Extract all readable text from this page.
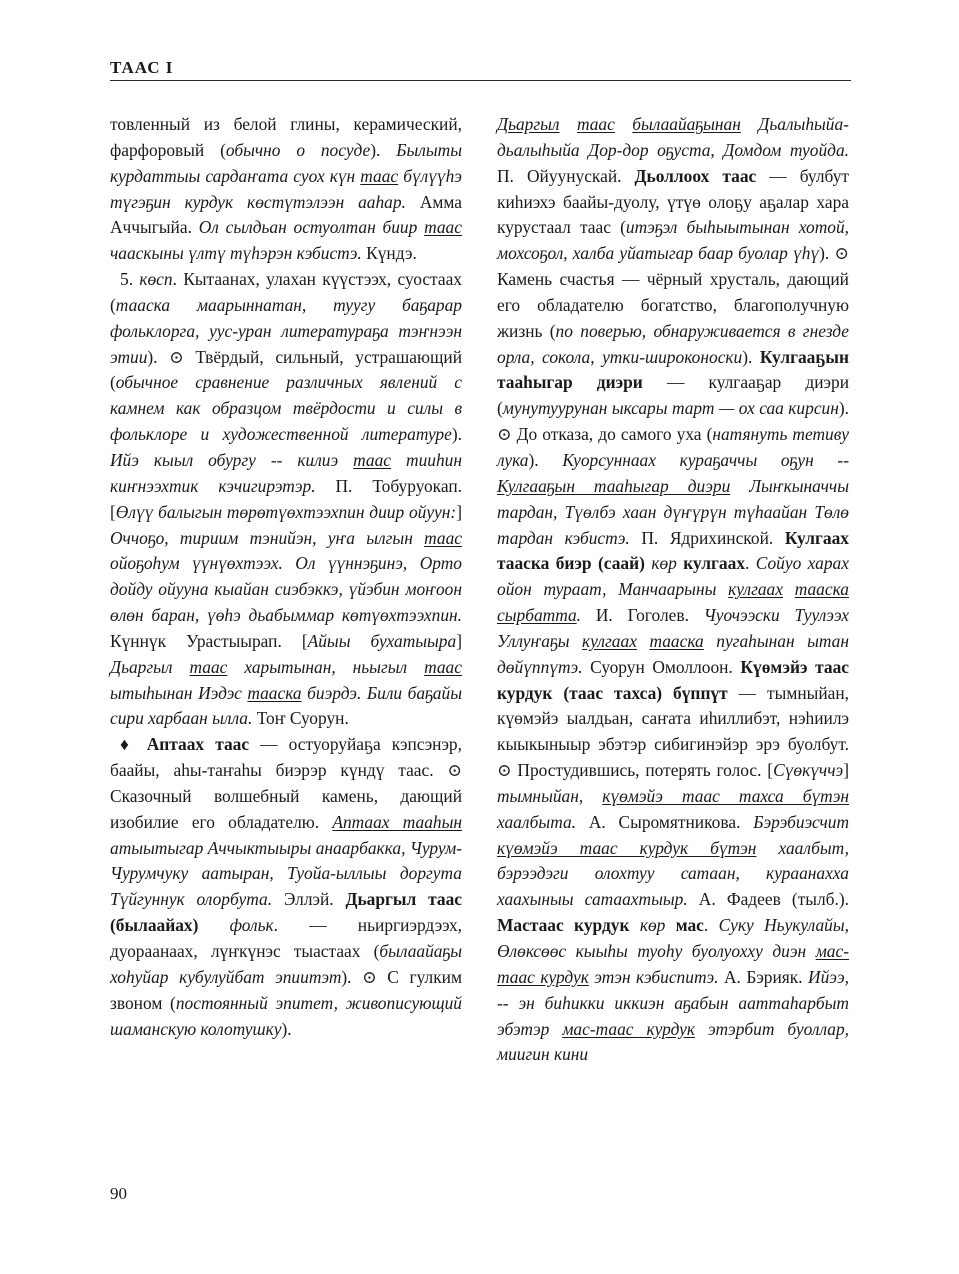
ТААС I

товленный из белой глины, керамический, фарфоровый (обычно о посуде). Былыты курдаттыы сардаҥата суох күн таас бүлүүһэ түгэҕин курдук көстүтэлээн ааһар. Амма Аччыгыйа. Ол сылдьан остуолтан биир таас чааскыны үлтү түһэрэн кэбистэ. Күндэ.

5. көсп. Кытаанах, улахан күүстээх, суостаах (тааска маарыннатан, туугу баҕарар фольклорга, уус-уран литератураҕа тэҥнээн этии). ⊙ Твёрдый, сильный, устрашающий (обычное сравнение различных явлений с камнем как образцом твёрдости и силы в фольклоре и художественной литературе). Ийэ кыыл обургу -- килиэ таас тииһин киҥнээхтик кэчигирэтэр. П. Тобуруокап. [Өлүү балыгын төрөтүөхтээхпин диир ойуун:] Оччоҕо, тириим тэнийэн, уҥа ылгын таас ойоҕоһум үүнүөхтээх. Ол үүннэҕинэ, Орто дойду ойууна кыайан сиэбэккэ, үйэбин моҥоон өлөн баран, үөһэ дьабыммар көтүөхтээхпин. Күннүк Урастыырап. [Айыы бухатыыра] Дьаргыл таас харытынан, ньыгыл таас ытыһынан Иэдэс тааска биэрдэ. Били баҕайы сири харбаан ылла. Тоҥ Суорун.

♦ Аптаах таас — остуоруйаҕа кэпсэнэр, баайы, аһы-таҥаһы биэрэр күндү таас. ⊙ Сказочный волшебный камень, дающий изобилие его обладателю. Аптаах тааһын атыытыгар Аччыктыыры анаарбакка, Чурум-Чурумчуку аатыран, Туойа-ыллыы доргута Түйгуннук олорбута. Эллэй. Дьаргыл таас (былаайах) фольк. — ньиргиэрдээх, дуораанаах, лүҥкүнэс тыастаах (былаайаҕы хоһуйар кубулуйбат эпиитэт). ⊙ С гулким звоном (постоянный эпитет, живописующий шаманскую колотушку).

Дьаргыл таас былаайаҕынан Дьалыһыйа-дьалыһыйа Дор-дор оҕуста, Домдом туойда. П. Ойуунускай. Дьоллоох таас — булбут киһиэхэ баайы-дуолу, үтүө олоҕу аҕалар хара курустаал таас (итэҕэл быһыытынан хотой, мохсоҕол, халба уйатыгар баар буолар үһү). ⊙ Камень счастья — чёрный хрусталь, дающий его обладателю богатство, благополучную жизнь (по поверью, обнаруживается в гнезде орла, сокола, утки-широконоски). Кулгааҕын тааһыгар диэри — кулгааҕар диэри (мунутуурунан ыксары тарт — ох саа кирсин). ⊙ До отказа, до самого уха (натянуть тетиву лука). Куорсуннаах кураҕаччы оҕун -- Кулгааҕын тааһыгар диэри Лыҥкыначчы тардан, Түөлбэ хаан дүҥүрүн түһаайан Төлө тардан кэбистэ. П. Ядрихинской. Кулгаах тааска биэр (саай) көр кулгаах. Сойуо харах ойон тураат, Манчаарыны кулгаах тааска сырбатта. И. Гоголев. Чуочээски Туулээх Уллуҥаҕы кулгаах тааска пугаһынан ытан дөйүппүтэ. Суорун Омоллоон. Күөмэйэ таас курдук (таас тахса) бүппүт — тымныйан, күөмэйэ ыалдьан, саҥата иһиллибэт, нэһиилэ кыыкыныыр эбэтэр сибигинэйэр эрэ буолбут. ⊙ Простудившись, потерять голос. [Сүөкүччэ] тымныйан, күөмэйэ таас тахса бүтэн хаалбыта. А. Сыромятникова. Бэрэбиэсчит күөмэйэ таас курдук бүтэн хаалбыт, бэрээдэги олохтуу сатаан, кураанахха хаахыныы сатаахтыыр. А. Фадеев (тылб.). Мастаас курдук көр мас. Суку Ньукулайы, Өлөксөөс кыыһы туоһу буолуохху диэн мас-таас курдук этэн кэбиспитэ. А. Бэрияк. Ийээ, -- эн биһикки иккиэн аҕабын ааттаһарбыт эбэтэр мас-таас курдук этэрбит буоллар, миигин кини

90
